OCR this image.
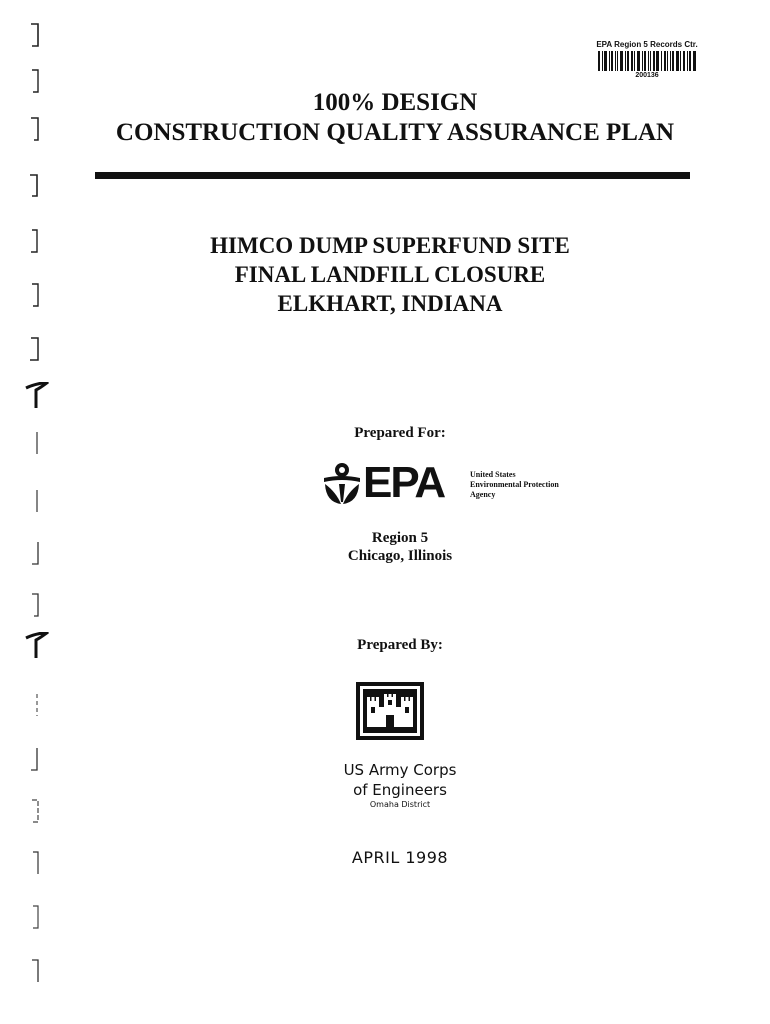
EPA Region 5 Records Ctr.
200136
100% DESIGN
CONSTRUCTION QUALITY ASSURANCE PLAN
HIMCO DUMP SUPERFUND SITE
FINAL LANDFILL CLOSURE
ELKHART, INDIANA
Prepared For:
EPA	United States
Environmental Protection
Agency
Region 5
Chicago, Illinois
Prepared By:
US Army Corps
of Engineers
Omaha District
APRIL 1998
